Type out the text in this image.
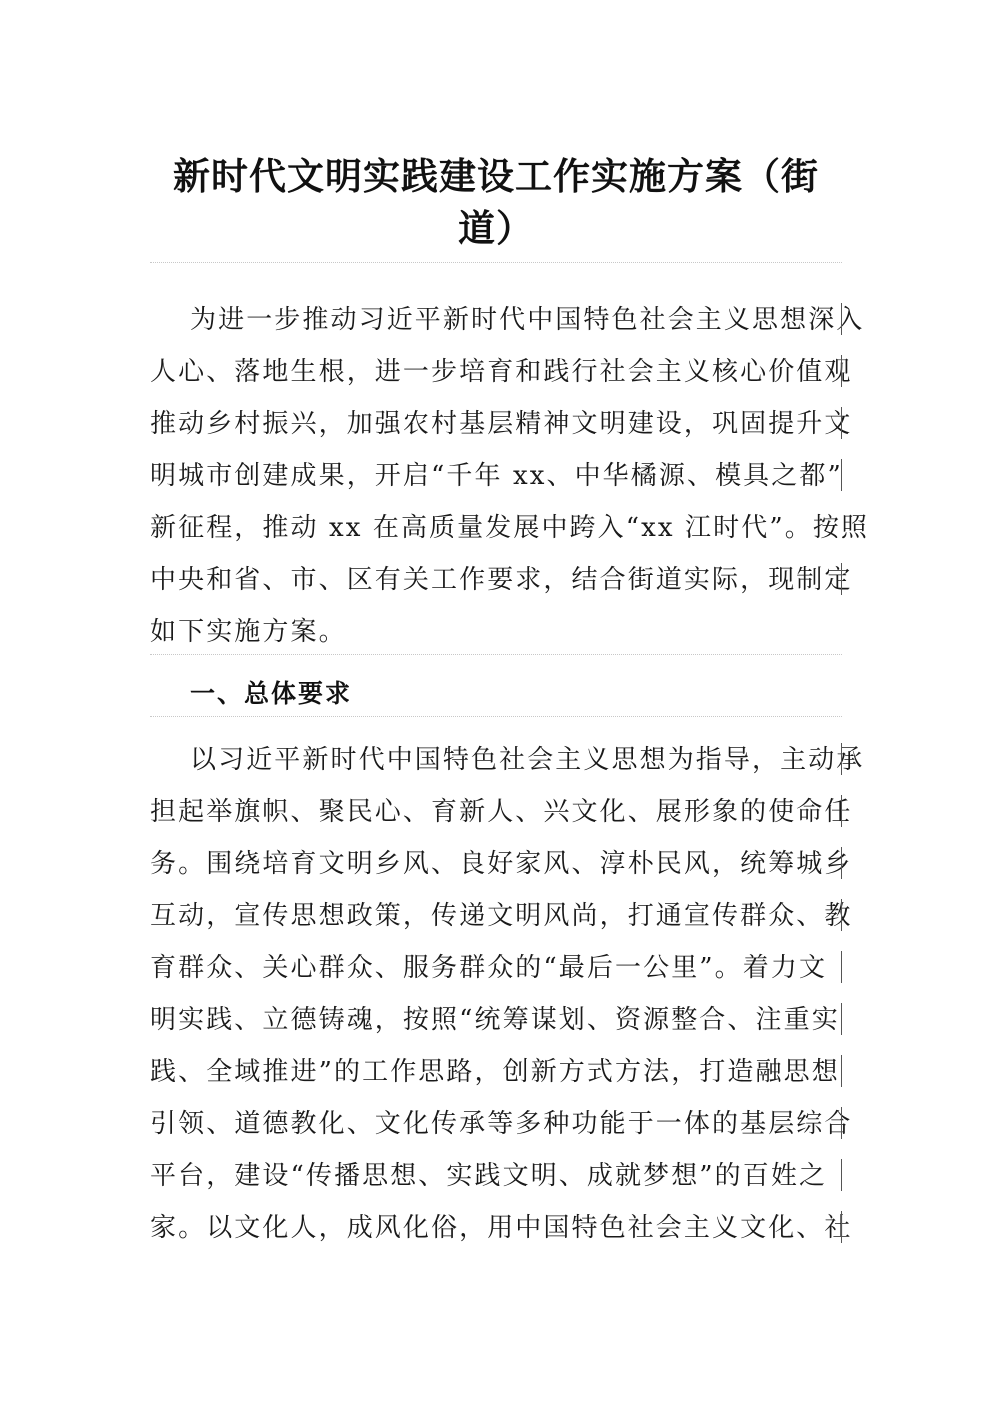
新时代文明实践建设工作实施方案（街
道）
为进一步推动习近平新时代中国特色社会主义思想深入
人心、落地生根，进一步培育和践行社会主义核心价值观
推动乡村振兴，加强农村基层精神文明建设，巩固提升文
明城市创建成果，开启“千年 xx、中华橘源、模具之都”
新征程，推动 xx 在高质量发展中跨入“xx 江时代”。按照
中央和省、市、区有关工作要求，结合街道实际，现制定
如下实施方案。
一、总体要求
以习近平新时代中国特色社会主义思想为指导，主动承
担起举旗帜、聚民心、育新人、兴文化、展形象的使命任
务。围绕培育文明乡风、良好家风、淳朴民风，统筹城乡
互动，宣传思想政策，传递文明风尚，打通宣传群众、教
育群众、关心群众、服务群众的“最后一公里”。着力文
明实践、立德铸魂，按照“统筹谋划、资源整合、注重实
践、全域推进”的工作思路，创新方式方法，打造融思想
引领、道德教化、文化传承等多种功能于一体的基层综合
平台，建设“传播思想、实践文明、成就梦想”的百姓之
家。以文化人，成风化俗，用中国特色社会主义文化、社
